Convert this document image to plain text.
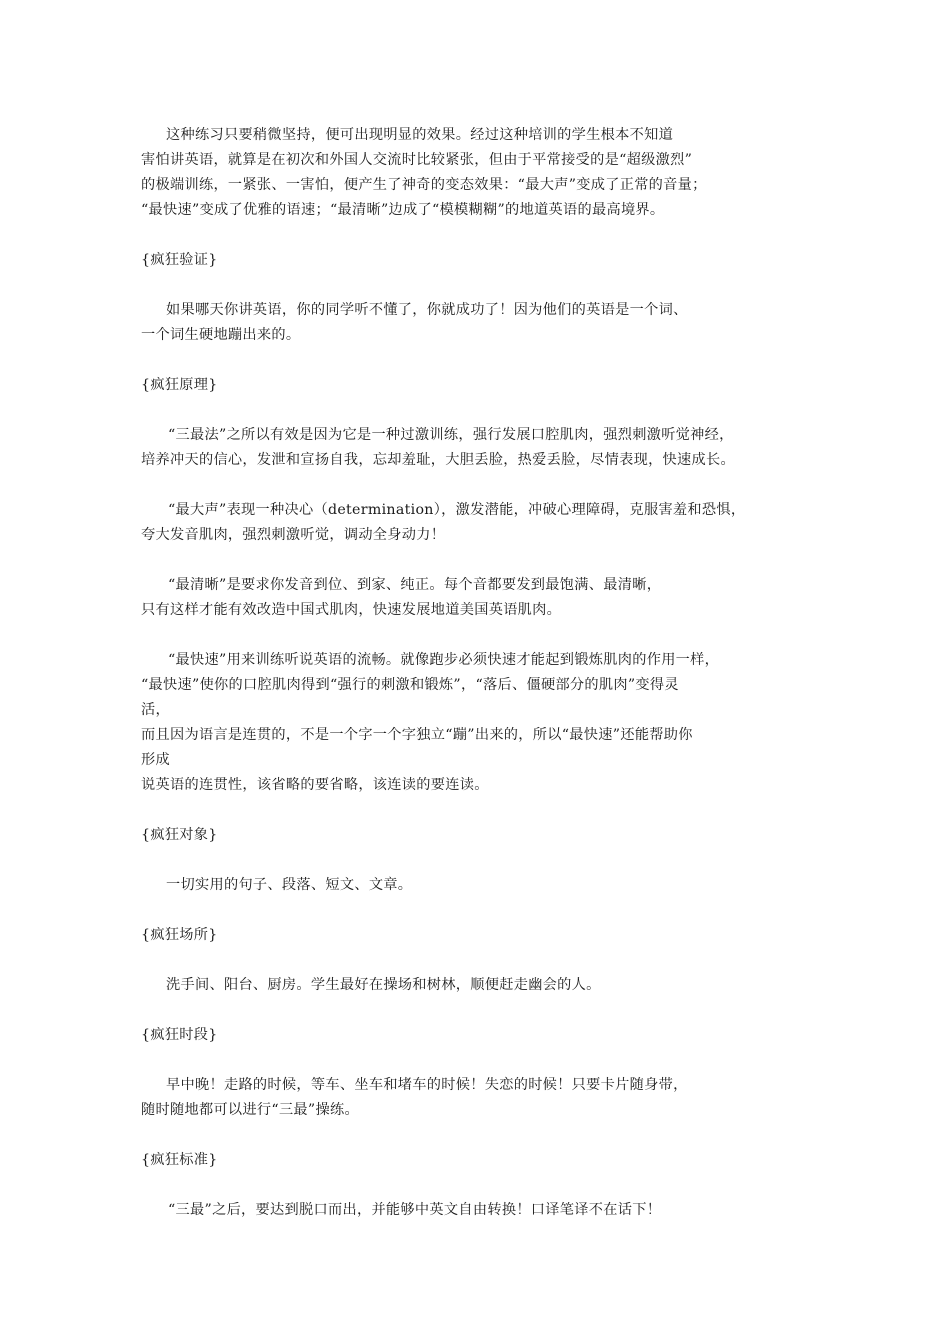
这种练习只要稍微坚持，便可出现明显的效果。经过这种培训的学生根本不知道
害怕讲英语，就算是在初次和外国人交流时比较紧张，但由于平常接受的是“超级激烈”
的极端训练，一紧张、一害怕，便产生了神奇的变态效果：“最大声”变成了正常的音量；
“最快速”变成了优雅的语速；“最清晰”边成了“模模糊糊”的地道英语的最高境界。
{疯狂验证}
如果哪天你讲英语，你的同学听不懂了，你就成功了！因为他们的英语是一个词、
一个词生硬地蹦出来的。
{疯狂原理}
“三最法”之所以有效是因为它是一种过激训练，强行发展口腔肌肉，强烈刺激听觉神经，
培养冲天的信心，发泄和宣扬自我，忘却羞耻，大胆丢脸，热爱丢脸，尽情表现，快速成长。
“最大声”表现一种决心（determination），激发潜能，冲破心理障碍，克服害羞和恐惧，
夸大发音肌肉，强烈刺激听觉，调动全身动力！
“最清晰”是要求你发音到位、到家、纯正。每个音都要发到最饱满、最清晰，
只有这样才能有效改造中国式肌肉，快速发展地道美国英语肌肉。
“最快速”用来训练听说英语的流畅。就像跑步必须快速才能起到锻炼肌肉的作用一样，
“最快速”使你的口腔肌肉得到“强行的刺激和锻炼”，“落后、僵硬部分的肌肉”变得灵
活，
而且因为语言是连贯的，不是一个字一个字独立“蹦”出来的，所以“最快速”还能帮助你
形成
说英语的连贯性，该省略的要省略，该连读的要连读。
{疯狂对象}
一切实用的句子、段落、短文、文章。
{疯狂场所}
洗手间、阳台、厨房。学生最好在操场和树林，顺便赶走幽会的人。
{疯狂时段}
早中晚！走路的时候，等车、坐车和堵车的时候！失恋的时候！只要卡片随身带，
随时随地都可以进行“三最”操练。
{疯狂标准}
“三最”之后，要达到脱口而出，并能够中英文自由转换！口译笔译不在话下！
